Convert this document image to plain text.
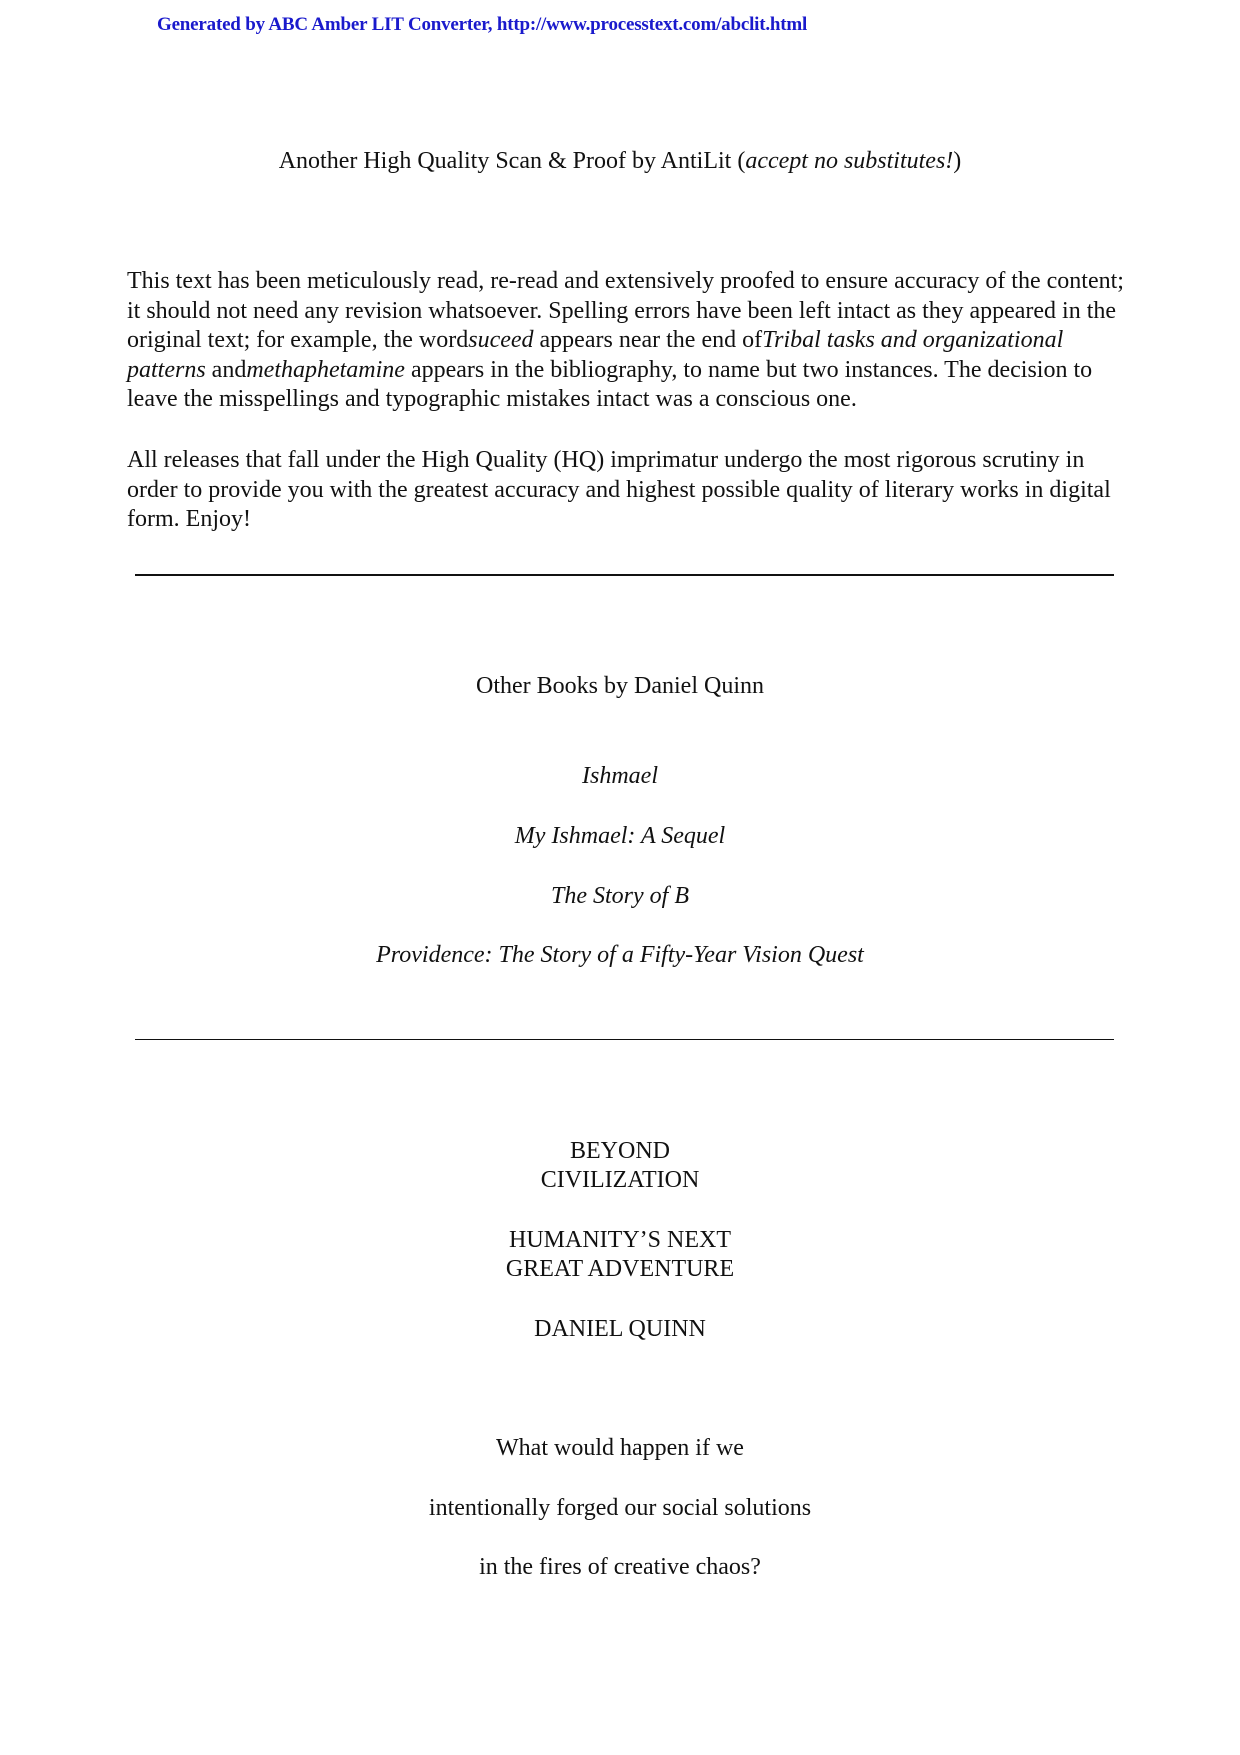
Generated by ABC Amber LIT Converter, http://www.processtext.com/abclit.html
Another High Quality Scan & Proof by AntiLit (accept no substitutes!)

This text has been meticulously read, re-read and extensively proofed to ensure accuracy of the content; it should not need any revision whatsoever. Spelling errors have been left intact as they appeared in the original text; for example, the wordsuceed appears near the end ofTribal tasks and organizational patterns andmethaphetamine appears in the bibliography, to name but two instances. The decision to leave the misspellings and typographic mistakes intact was a conscious one.

All releases that fall under the High Quality (HQ) imprimatur undergo the most rigorous scrutiny in order to provide you with the greatest accuracy and highest possible quality of literary works in digital form. Enjoy!

Other Books by Daniel Quinn
Ishmael
My Ishmael: A Sequel
The Story of B
Providence: The Story of a Fifty-Year Vision Quest
BEYOND
CIVILIZATION
HUMANITY’S NEXT
GREAT ADVENTURE
DANIEL QUINN
What would happen if we
intentionally forged our social solutions
in the fires of creative chaos?
